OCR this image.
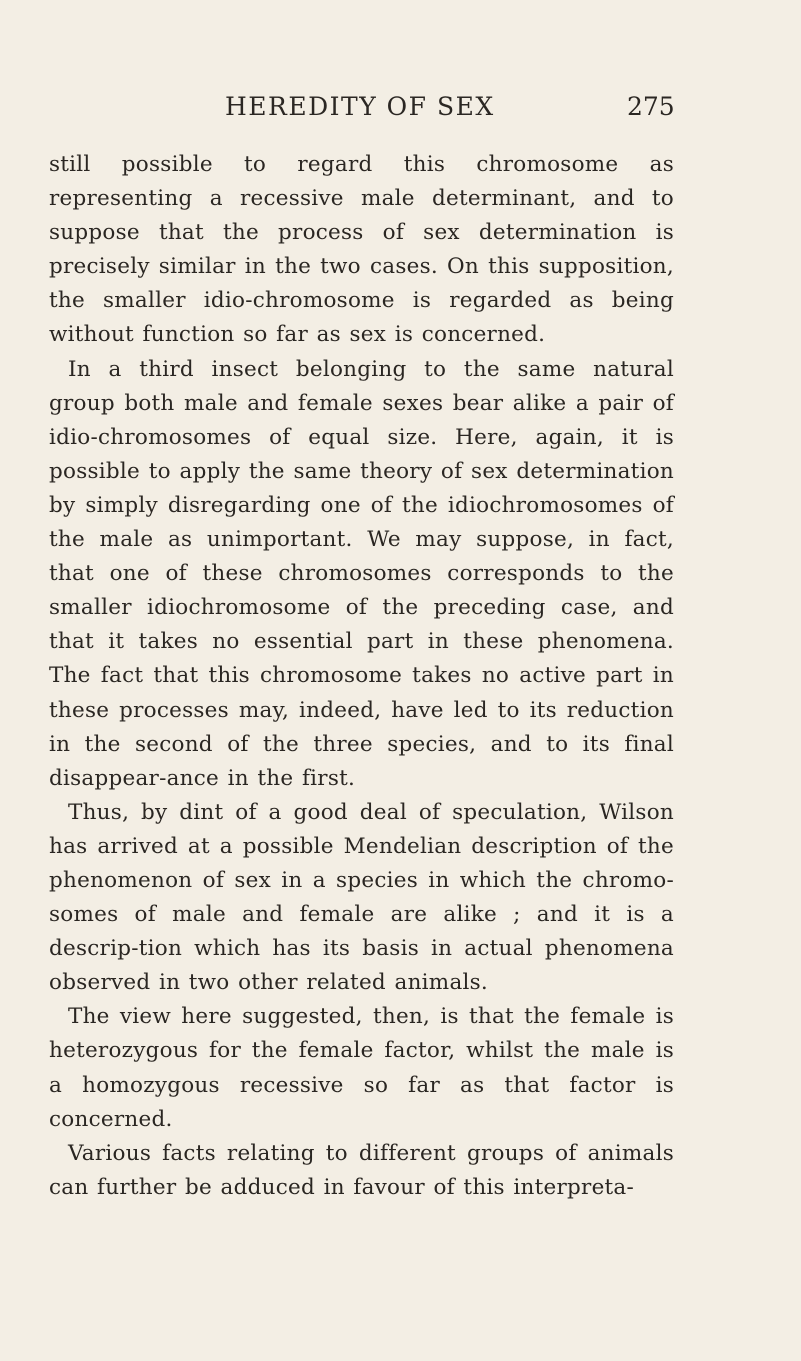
HEREDITY OF SEX	275

still possible to regard this chromosome as representing a recessive male determinant, and to suppose that the process of sex determination is precisely similar in the two cases. On this supposition, the smaller idio-chromosome is regarded as being without function so far as sex is concerned.

In a third insect belonging to the same natural group both male and female sexes bear alike a pair of idio-chromosomes of equal size. Here, again, it is possible to apply the same theory of sex determination by simply disregarding one of the idiochromosomes of the male as unimportant. We may suppose, in fact, that one of these chromosomes corresponds to the smaller idiochromosome of the preceding case, and that it takes no essential part in these phenomena. The fact that this chromosome takes no active part in these processes may, indeed, have led to its reduction in the second of the three species, and to its final disappear-ance in the first.

Thus, by dint of a good deal of speculation, Wilson has arrived at a possible Mendelian description of the phenomenon of sex in a species in which the chromo-somes of male and female are alike ; and it is a descrip-tion which has its basis in actual phenomena observed in two other related animals.

The view here suggested, then, is that the female is heterozygous for the female factor, whilst the male is a homozygous recessive so far as that factor is concerned.

Various facts relating to different groups of animals can further be adduced in favour of this interpreta-
